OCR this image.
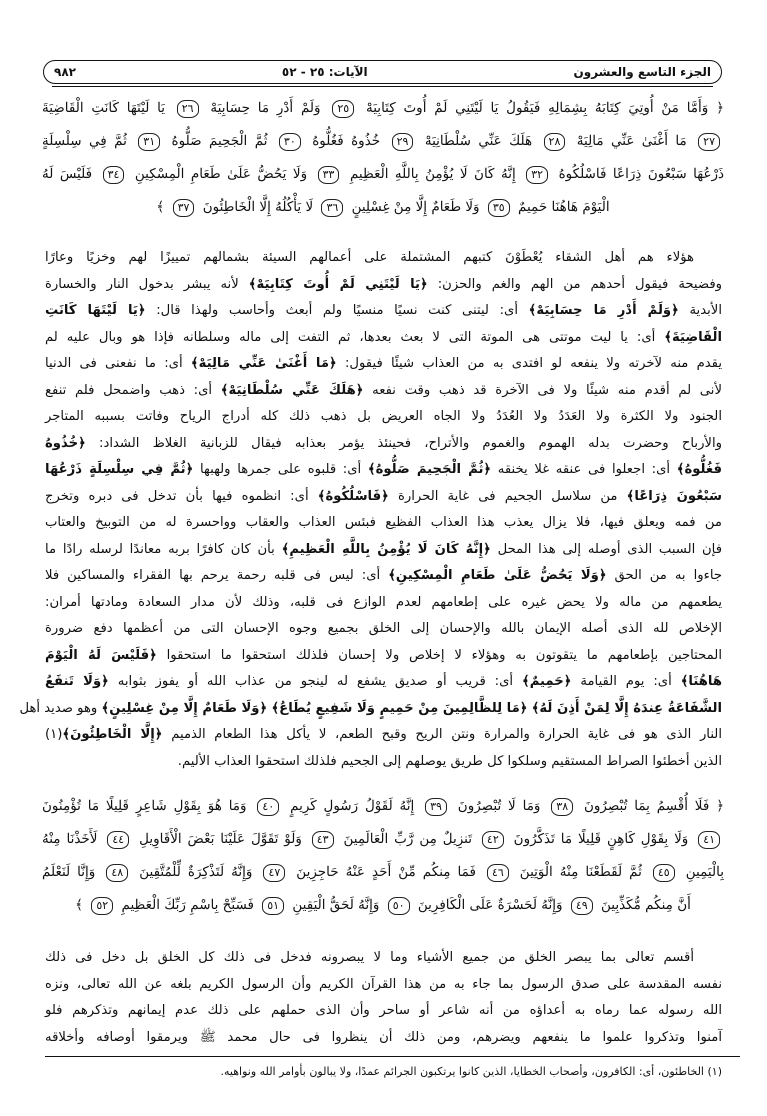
الجزء التاسع والعشرون
الآيات: ٢٥ - ٥٢
٩٨٢
﴿ وَأَمَّا مَنْ أُوتِيَ كِتَابَهُ بِشِمَالِهِ فَيَقُولُ يَا لَيْتَنِي لَمْ أُوتَ كِتَابِيَهْ ٢٥ وَلَمْ أَدْرِ مَا حِسَابِيَهْ ٢٦ يَا لَيْتَهَا كَانَتِ الْقَاضِيَةَ
٢٧ مَا أَغْنَىٰ عَنِّي مَالِيَهْ ٢٨ هَلَكَ عَنِّي سُلْطَانِيَهْ ٢٩ خُذُوهُ فَغُلُّوهُ ٣٠ ثُمَّ الْجَحِيمَ صَلُّوهُ ٣١ ثُمَّ فِي سِلْسِلَةٍ
ذَرْعُهَا سَبْعُونَ ذِرَاعًا فَاسْلُكُوهُ ٣٢ إِنَّهُ كَانَ لَا يُؤْمِنُ بِاللَّهِ الْعَظِيمِ ٣٣ وَلَا يَحُضُّ عَلَىٰ طَعَامِ الْمِسْكِينِ ٣٤ فَلَيْسَ لَهُ
الْيَوْمَ هَاهُنَا حَمِيمٌ ٣٥ وَلَا طَعَامٌ إِلَّا مِنْ غِسْلِينٍ ٣٦ لَا يَأْكُلُهُ إِلَّا الْخَاطِئُونَ ٣٧ ﴾
هؤلاء هم أهل الشقاء يُعْطَوْنَ كتبهم المشتملة على أعمالهم السيئة بشمالهم تمييزًا لهم وخزيًا وعارًا
وفضيحة فيقول أحدهم من الهم والغم والحزن: ﴿يَا لَيْتَنِي لَمْ أُوتَ كِتَابِيَهْ﴾ لأنه يبشر بدخول النار والخسارة
الأبدية ﴿وَلَمْ أَدْرِ مَا حِسَابِيَهْ﴾ أى: ليتنى كنت نسيًا منسيًا ولم أبعث وأحاسب ولهذا قال: ﴿يَا لَيْتَهَا كَانَتِ
الْقَاضِيَةَ﴾ أى: يا ليت موتتى هى الموتة التى لا بعث بعدها، ثم التفت إلى ماله وسلطانه فإذا هو وبال عليه لم
يقدم منه لآخرته ولا ينفعه لو افتدى به من العذاب شيئًا فيقول: ﴿مَا أَغْنَىٰ عَنِّي مَالِيَهْ﴾ أى: ما نفعنى فى الدنيا
لأنى لم أقدم منه شيئًا ولا فى الآخرة قد ذهب وقت نفعه ﴿هَلَكَ عَنِّي سُلْطَانِيَهْ﴾ أى: ذهب واضمحل فلم تنفع
الجنود ولا الكثرة ولا العَدَدُ ولا العُدَدُ ولا الجاه العريض بل ذهب ذلك كله أدراج الرياح وفاتت بسببه المتاجر
والأرباح وحضرت بدله الهموم والغموم والأتراح، فحينئذ يؤمر بعذابه فيقال للزبانية الغلاظ الشداد: ﴿خُذُوهُ
فَغُلُّوهُ﴾ أى: اجعلوا فى عنقه غلا يخنقه ﴿ثُمَّ الْجَحِيمَ صَلُّوهُ﴾ أى: قلبوه على جمرها ولهبها ﴿ثُمَّ فِي سِلْسِلَةٍ ذَرْعُهَا
سَبْعُونَ ذِرَاعًا﴾ من سلاسل الجحيم فى غاية الحرارة ﴿فَاسْلُكُوهُ﴾ أى: انظموه فيها بأن تدخل فى دبره وتخرج
من فمه ويعلق فيها، فلا يزال يعذب هذا العذاب الفظيع فبئس العذاب والعقاب وواحسرة له من التوبيخ والعتاب
فإن السبب الذى أوصله إلى هذا المحل ﴿إِنَّهُ كَانَ لَا يُؤْمِنُ بِاللَّهِ الْعَظِيمِ﴾ بأن كان كافرًا بربه معاندًا لرسله رادًا ما
جاءوا به من الحق ﴿وَلَا يَحُضُّ عَلَىٰ طَعَامِ الْمِسْكِينِ﴾ أى: ليس فى قلبه رحمة يرحم بها الفقراء والمساكين فلا
يطعمهم من ماله ولا يحض غيره على إطعامهم لعدم الوازع فى قلبه، وذلك لأن مدار السعادة ومادتها أمران:
الإخلاص لله الذى أصله الإيمان بالله والإحسان إلى الخلق بجميع وجوه الإحسان التى من أعظمها دفع ضرورة
المحتاجين بإطعامهم ما يتقوتون به وهؤلاء لا إخلاص ولا إحسان فلذلك استحقوا ما استحقوا ﴿فَلَيْسَ لَهُ الْيَوْمَ
هَاهُنَا﴾ أى: يوم القيامة ﴿حَمِيمٌ﴾ أى: قريب أو صديق يشفع له لينجو من عذاب الله أو يفوز بثوابه ﴿وَلَا تَنفَعُ
الشَّفَاعَةُ عِندَهُ إِلَّا لِمَنْ أَذِنَ لَهُ﴾ ﴿مَا لِلظَّالِمِينَ مِنْ حَمِيمٍ وَلَا شَفِيعٍ يُطَاعُ﴾ ﴿وَلَا طَعَامٌ إِلَّا مِنْ غِسْلِينٍ﴾ وهو صديد أهل
النار الذى هو فى غاية الحرارة والمرارة ونتن الريح وقبح الطعم، لا يأكل هذا الطعام الذميم ﴿إِلَّا الْخَاطِئُونَ﴾(١)
الذين أخطئوا الصراط المستقيم وسلكوا كل طريق يوصلهم إلى الجحيم فلذلك استحقوا العذاب الأليم.
﴿ فَلَا أُقْسِمُ بِمَا تُبْصِرُونَ ٣٨ وَمَا لَا تُبْصِرُونَ ٣٩ إِنَّهُ لَقَوْلُ رَسُولٍ كَرِيمٍ ٤٠ وَمَا هُوَ بِقَوْلِ شَاعِرٍ قَلِيلًا مَا تُؤْمِنُونَ
٤١ وَلَا بِقَوْلِ كَاهِنٍ قَلِيلًا مَا تَذَكَّرُونَ ٤٢ تَنزِيلٌ مِن رَّبِّ الْعَالَمِينَ ٤٣ وَلَوْ تَقَوَّلَ عَلَيْنَا بَعْضَ الْأَقَاوِيلِ ٤٤ لَأَخَذْنَا مِنْهُ
بِالْيَمِينِ ٤٥ ثُمَّ لَقَطَعْنَا مِنْهُ الْوَتِينَ ٤٦ فَمَا مِنكُم مِّنْ أَحَدٍ عَنْهُ حَاجِزِينَ ٤٧ وَإِنَّهُ لَتَذْكِرَةٌ لِّلْمُتَّقِينَ ٤٨ وَإِنَّا لَنَعْلَمُ
أَنَّ مِنكُم مُّكَذِّبِينَ ٤٩ وَإِنَّهُ لَحَسْرَةٌ عَلَى الْكَافِرِينَ ٥٠ وَإِنَّهُ لَحَقُّ الْيَقِينِ ٥١ فَسَبِّحْ بِاسْمِ رَبِّكَ الْعَظِيمِ ٥٢ ﴾
أقسم تعالى بما يبصر الخلق من جميع الأشياء وما لا يبصرونه فدخل فى ذلك كل الخلق بل دخل فى ذلك
نفسه المقدسة على صدق الرسول بما جاء به من هذا القرآن الكريم وأن الرسول الكريم بلغه عن الله تعالى، ونزه
الله رسوله عما رماه به أعداؤه من أنه شاعر أو ساحر وأن الذى حملهم على ذلك عدم إيمانهم وتذكرهم فلو
آمنوا وتذكروا علموا ما ينفعهم ويضرهم، ومن ذلك أن ينظروا فى حال محمد ﷺ ويرمقوا أوصافه وأخلاقه
(١) الخاطئون، أى: الكافرون، وأصحاب الخطايا، الذين كانوا يرتكبون الجرائم عمدًا، ولا يبالون بأوامر الله ونواهيه.
